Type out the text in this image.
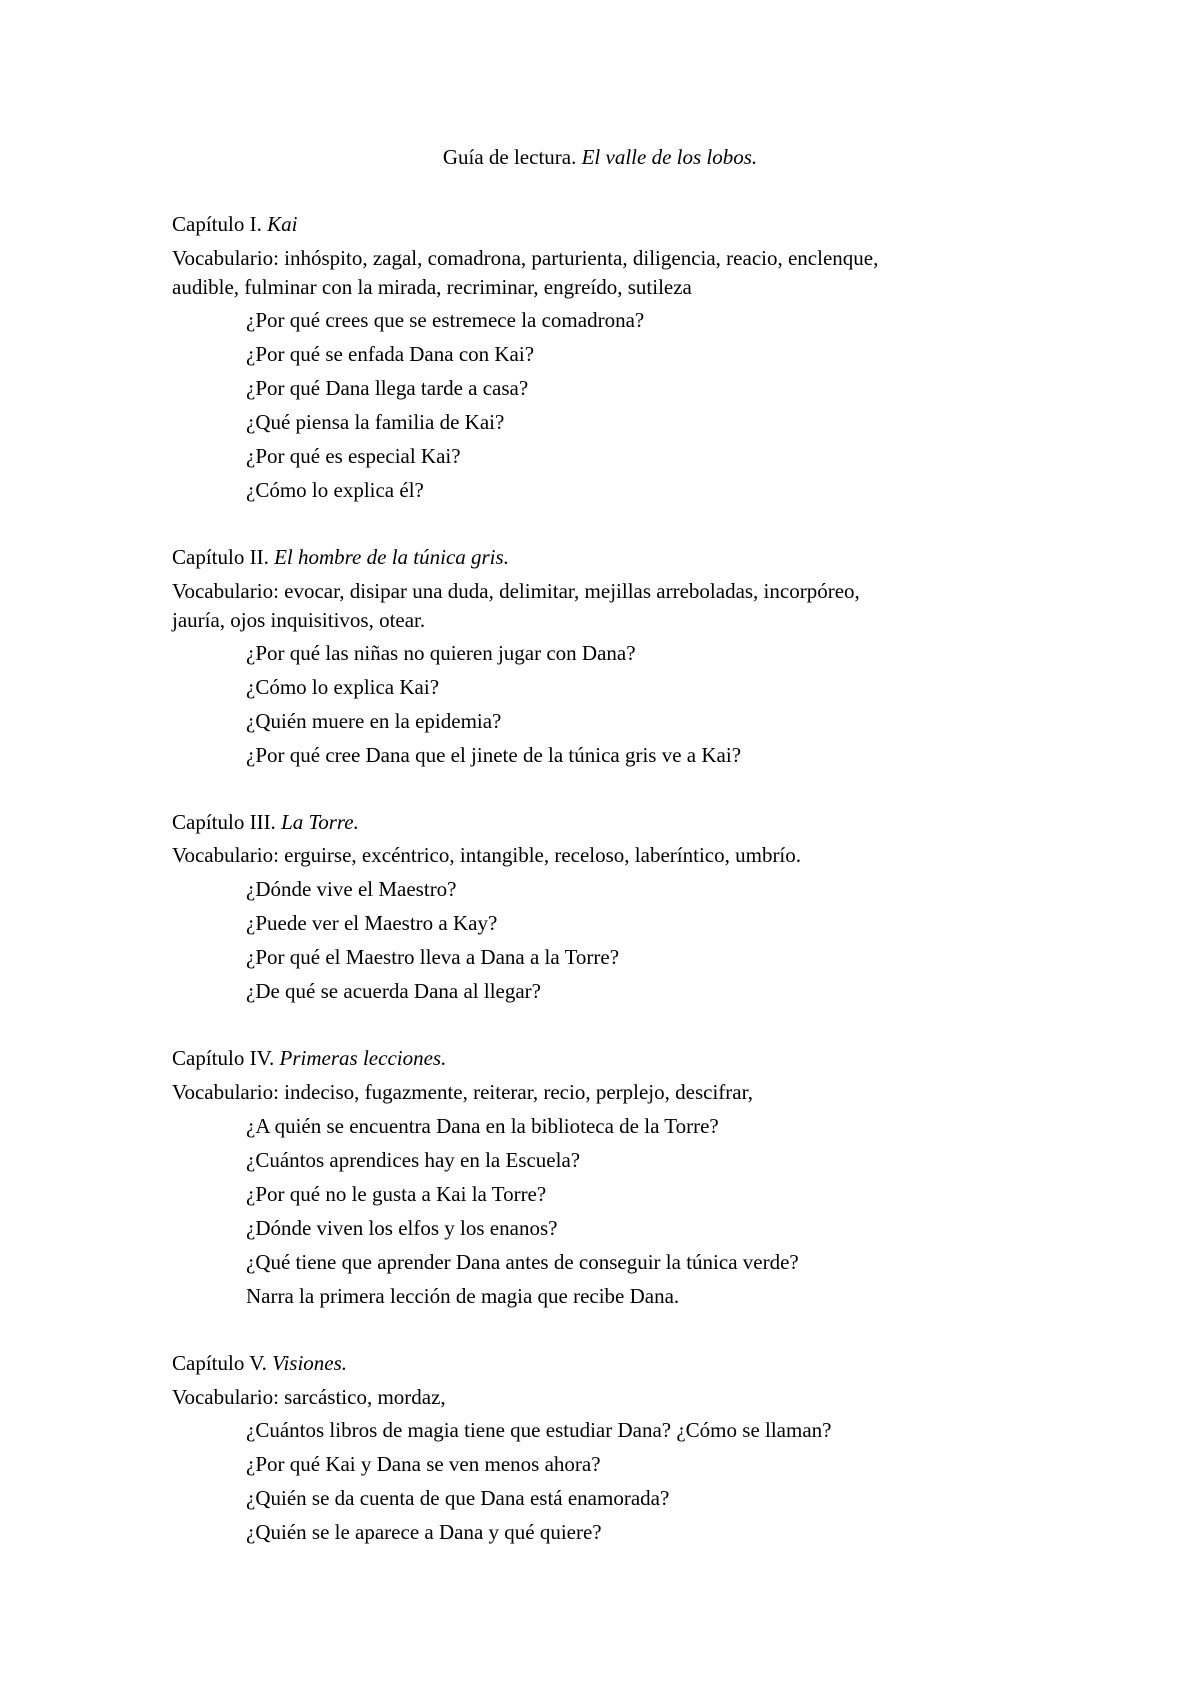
Guía de lectura. El valle de los lobos.
Capítulo I. Kai
Vocabulario: inhóspito, zagal, comadrona, parturienta, diligencia, reacio, enclenque,
audible, fulminar con la mirada, recriminar, engreído, sutileza
¿Por qué crees que se estremece la comadrona?
¿Por qué se enfada Dana con Kai?
¿Por qué Dana llega tarde a casa?
¿Qué piensa la familia de Kai?
¿Por qué es especial Kai?
¿Cómo lo explica él?
Capítulo II. El hombre de la túnica gris.
Vocabulario: evocar, disipar una duda, delimitar, mejillas arreboladas, incorpóreo,
jauría, ojos inquisitivos, otear.
¿Por qué las niñas no quieren jugar con Dana?
¿Cómo lo explica Kai?
¿Quién muere en la epidemia?
¿Por qué cree Dana que el jinete de la túnica gris ve a Kai?
Capítulo III. La Torre.
Vocabulario: erguirse, excéntrico, intangible, receloso, laberíntico, umbrío.
¿Dónde vive el Maestro?
¿Puede ver el Maestro a Kay?
¿Por qué el Maestro lleva a Dana a la Torre?
¿De qué se acuerda Dana al llegar?
Capítulo IV. Primeras lecciones.
Vocabulario: indeciso, fugazmente, reiterar, recio, perplejo, descifrar,
¿A quién se encuentra Dana en la biblioteca de la Torre?
¿Cuántos aprendices hay en la Escuela?
¿Por qué no le gusta a Kai la Torre?
¿Dónde viven los elfos y los enanos?
¿Qué tiene que aprender Dana antes de conseguir la túnica verde?
Narra la primera lección de magia que recibe Dana.
Capítulo V. Visiones.
Vocabulario: sarcástico, mordaz,
¿Cuántos libros de magia tiene que estudiar Dana? ¿Cómo se llaman?
¿Por qué Kai y Dana se ven menos ahora?
¿Quién se da cuenta de que Dana está enamorada?
¿Quién se le aparece a Dana y qué quiere?
